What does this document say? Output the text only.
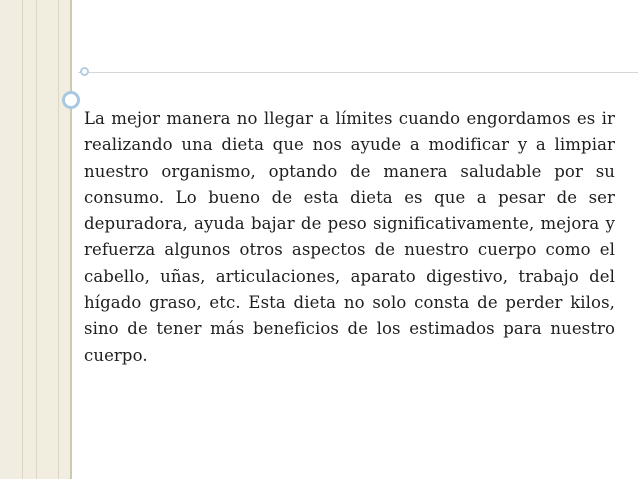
La mejor manera no llegar a límites cuando engordamos es ir realizando una dieta que nos ayude a modificar y a limpiar nuestro organismo, optando de manera saludable por su consumo. Lo bueno de esta dieta es que a pesar de ser depuradora, ayuda bajar de peso significativamente, mejora y refuerza algunos otros aspectos de nuestro cuerpo como el cabello, uñas, articulaciones, aparato digestivo, trabajo del hígado graso, etc. Esta dieta no solo consta de perder kilos, sino de tener más beneficios de los estimados para nuestro cuerpo.
